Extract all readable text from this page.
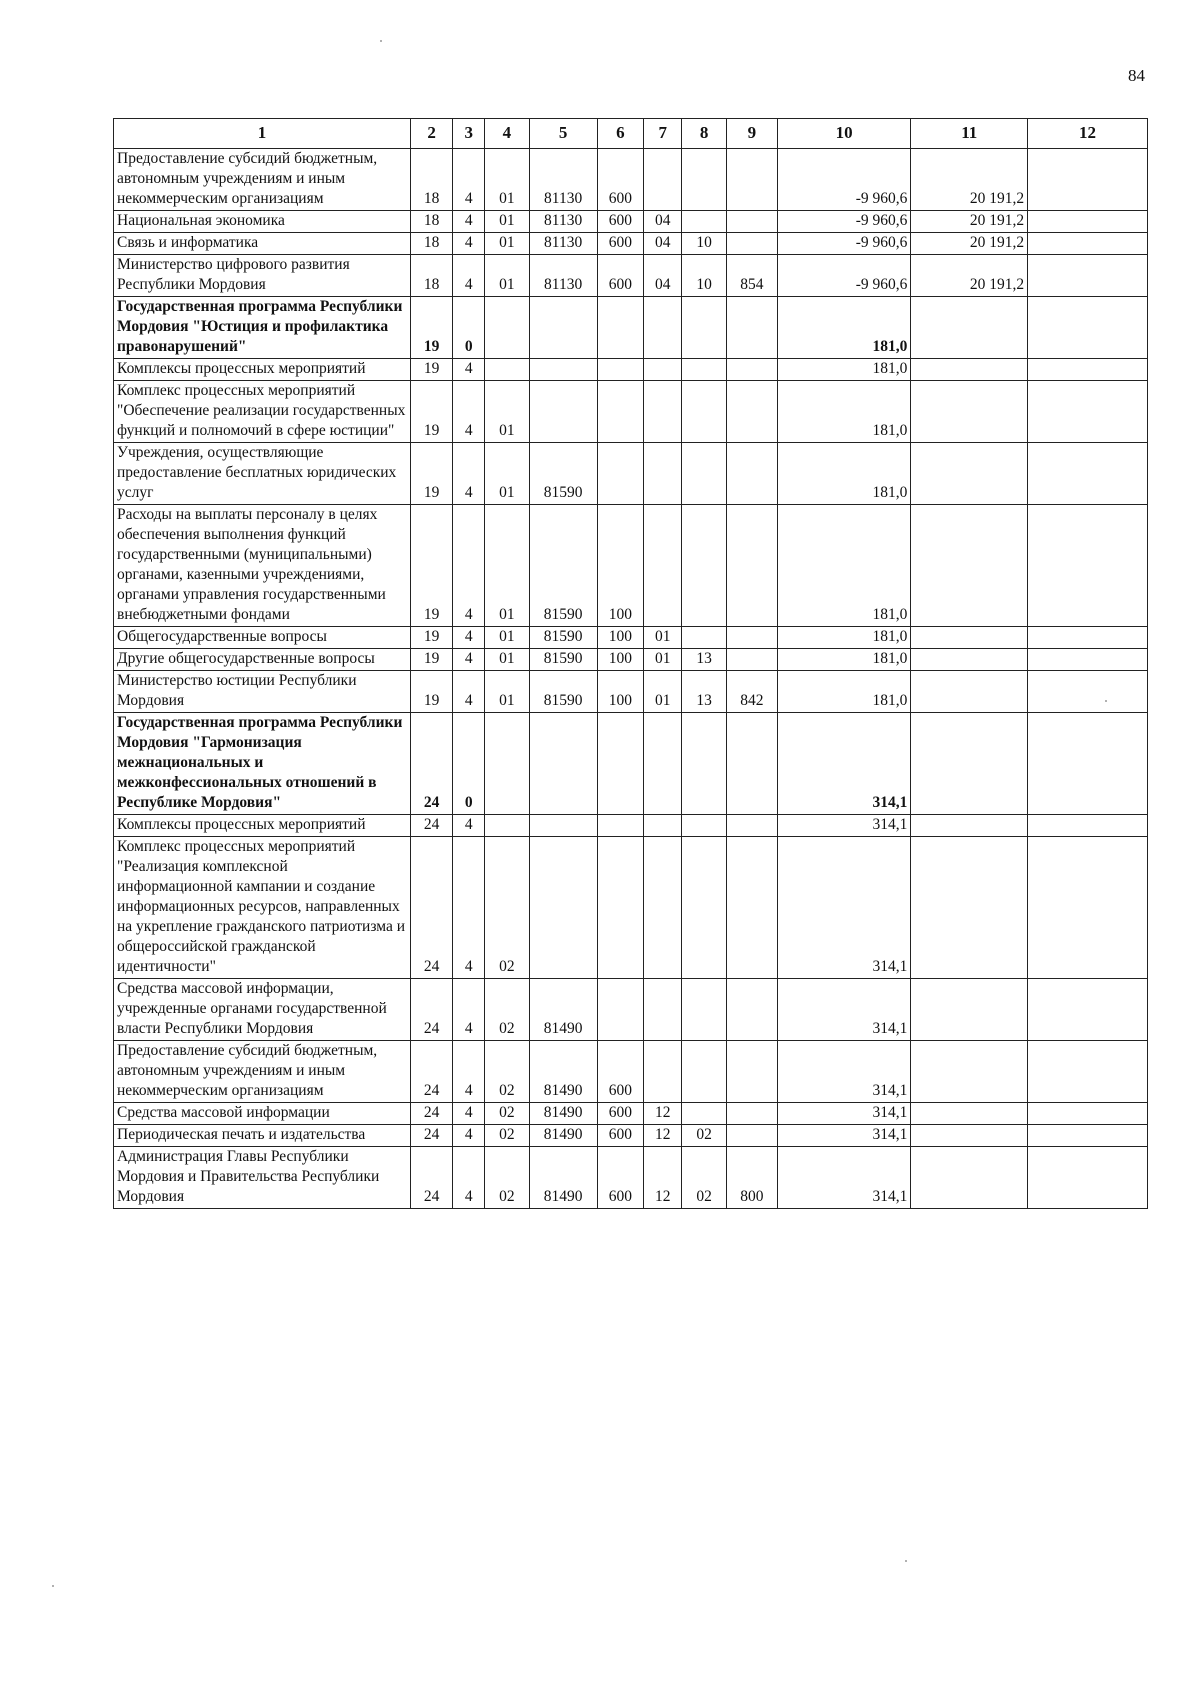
84
1	2	3	4	5	6	7	8	9	10	11	12
Предоставление субсидий бюджетным, автономным учреждениям и иным некоммерческим организациям	18	4	01	81130	600				-9 960,6	20 191,2	
Национальная экономика	18	4	01	81130	600	04			-9 960,6	20 191,2	
Связь и информатика	18	4	01	81130	600	04	10		-9 960,6	20 191,2	
Министерство цифрового развития Республики Мордовия	18	4	01	81130	600	04	10	854	-9 960,6	20 191,2	
Государственная программа Республики Мордовия "Юстиция и профилактика правонарушений"	19	0							181,0		
Комплексы процессных мероприятий	19	4							181,0		
Комплекс процессных мероприятий "Обеспечение реализации государственных функций и полномочий в сфере юстиции"	19	4	01						181,0		
Учреждения, осуществляющие предоставление бесплатных юридических услуг	19	4	01	81590					181,0		
Расходы на выплаты персоналу в целях обеспечения выполнения функций государственными (муниципальными) органами, казенными учреждениями, органами управления государственными внебюджетными фондами	19	4	01	81590	100				181,0		
Общегосударственные вопросы	19	4	01	81590	100	01			181,0		
Другие общегосударственные вопросы	19	4	01	81590	100	01	13		181,0		
Министерство юстиции Республики Мордовия	19	4	01	81590	100	01	13	842	181,0		
Государственная программа Республики Мордовия "Гармонизация межнациональных и межконфессиональных отношений в Республике Мордовия"	24	0							314,1		
Комплексы процессных мероприятий	24	4							314,1		
Комплекс процессных мероприятий "Реализация комплексной информационной кампании и создание информационных ресурсов, направленных на укрепление гражданского патриотизма и общероссийской гражданской идентичности"	24	4	02						314,1		
Средства массовой информации, учрежденные органами государственной власти Республики Мордовия	24	4	02	81490					314,1		
Предоставление субсидий бюджетным, автономным учреждениям и иным некоммерческим организациям	24	4	02	81490	600				314,1		
Средства массовой информации	24	4	02	81490	600	12			314,1		
Периодическая печать и издательства	24	4	02	81490	600	12	02		314,1		
Администрация Главы Республики Мордовия и Правительства Республики Мордовия	24	4	02	81490	600	12	02	800	314,1		
